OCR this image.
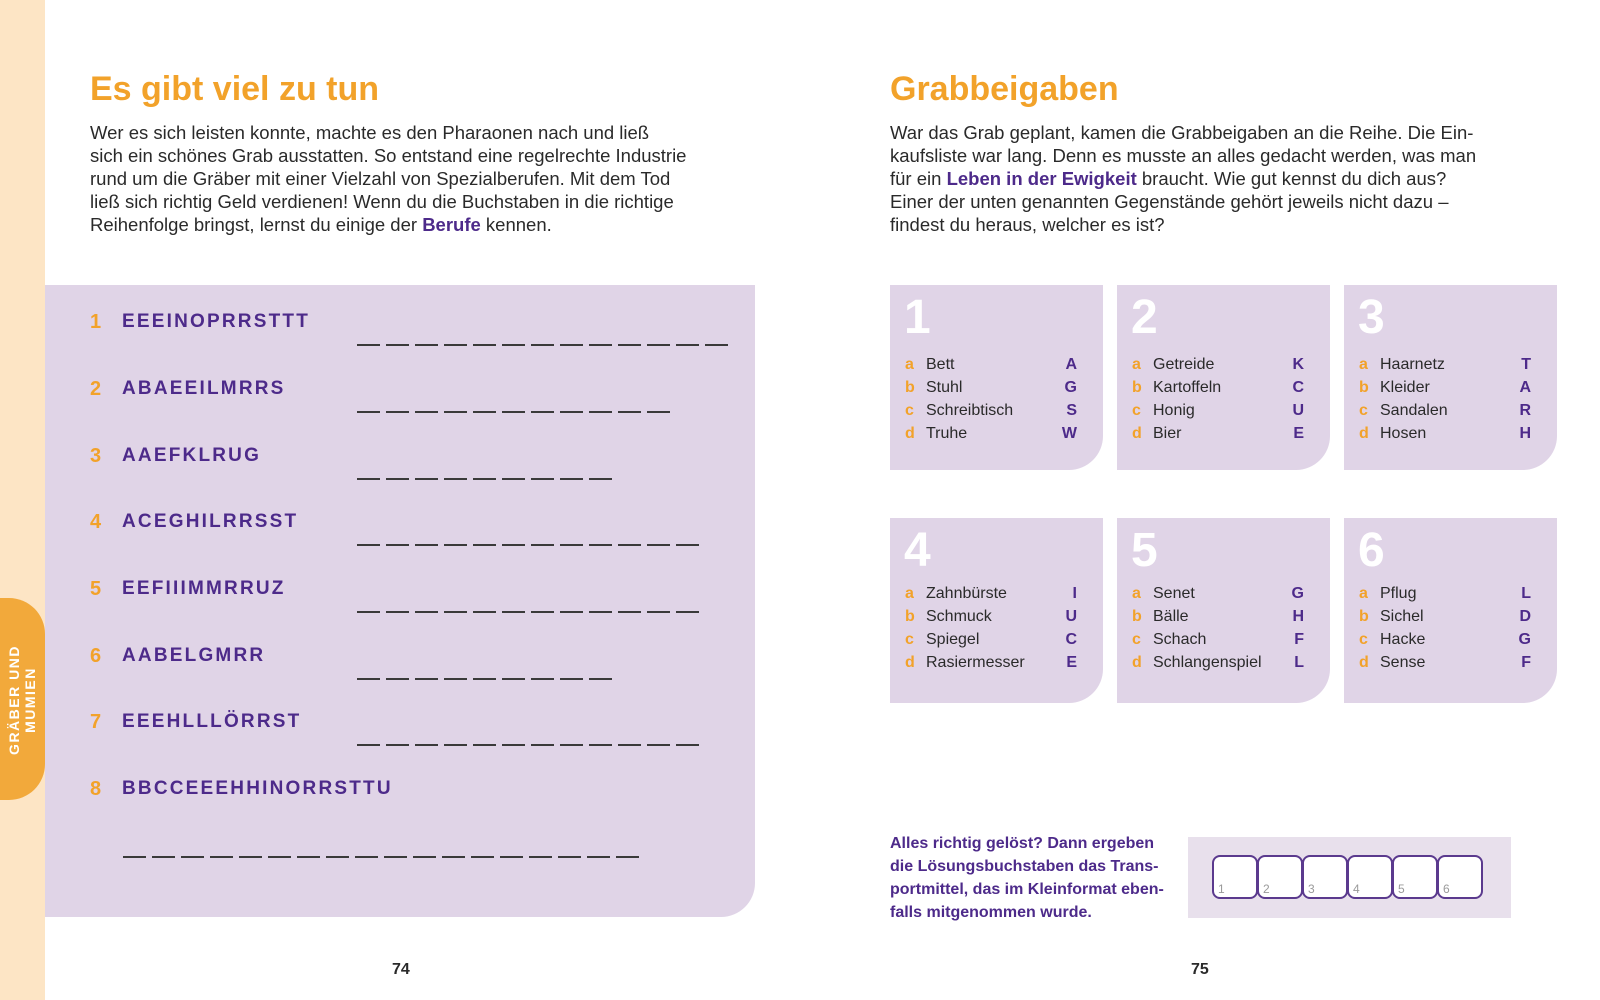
GRÄBER UND
MUMIEN
Es gibt viel zu tun

Wer es sich leisten konnte, machte es den Pharaonen nach und ließ
sich ein schönes Grab ausstatten. So entstand eine regelrechte Industrie
rund um die Gräber mit einer Vielzahl von Spezialberufen. Mit dem Tod
ließ sich richtig Geld verdienen! Wenn du die Buchstaben in die richtige
Reihenfolge bringst, lernst du einige der Berufe kennen.

1	EEEINOPRRSTTT
2	ABAEEILMRRS
3	AAEFKLRUG
4	ACEGHILRRSST
5	EEFIIIMMRRUZ
6	AABELGMRR
7	EEEHLLLÖRRST
8	BBCCEEEHHINORRSTTU
74
Grabbeigaben

War das Grab geplant, kamen die Grabbeigaben an die Reihe. Die Ein-
kaufsliste war lang. Denn es musste an alles gedacht werden, was man
für ein Leben in der Ewigkeit braucht. Wie gut kennst du dich aus?
Einer der unten genannten Gegenstände gehört jeweils nicht dazu –
findest du heraus, welcher es ist?

1
a Bett	A
b Stuhl	G
c Schreibtisch	S
d Truhe	W
2
a Getreide	K
b Kartoffeln	C
c Honig	U
d Bier	E
3
a Haarnetz	T
b Kleider	A
c Sandalen	R
d Hosen	H
4
a Zahnbürste	I
b Schmuck	U
c Spiegel	C
d Rasiermesser	E
5
a Senet	G
b Bälle	H
c Schach	F
d Schlangenspiel	L
6
a Pflug	L
b Sichel	D
c Hacke	G
d Sense	F

Alles richtig gelöst? Dann ergeben
die Lösungsbuchstaben das Trans-
portmittel, das im Kleinformat eben-
falls mitgenommen wurde.

1	2	3	4	5	6
75
